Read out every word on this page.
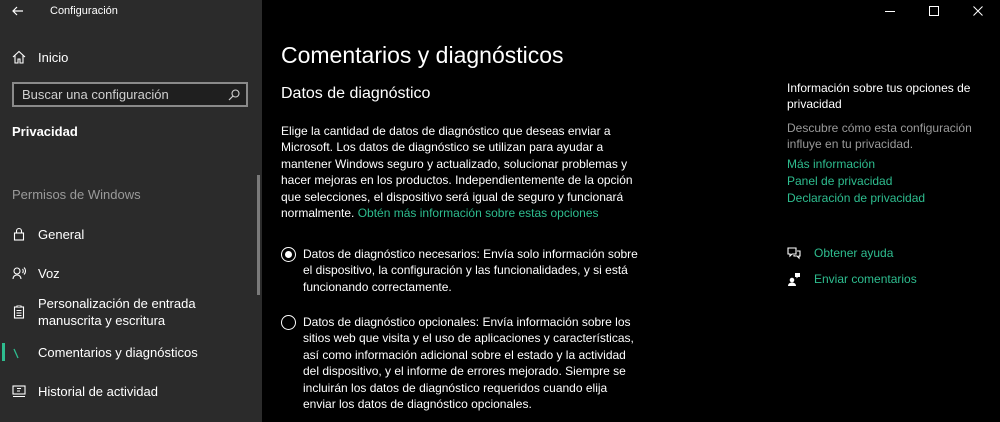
Configuración
Inicio
Buscar una configuración
Privacidad
Permisos de Windows
General
Voz
Personalización de entrada manuscrita y escritura
Comentarios y diagnósticos
Historial de actividad
Comentarios y diagnósticos
Datos de diagnóstico

Elige la cantidad de datos de diagnóstico que deseas enviar a Microsoft. Los datos de diagnóstico se utilizan para ayudar a mantener Windows seguro y actualizado, solucionar problemas y hacer mejoras en los productos. Independientemente de la opción que selecciones, el dispositivo será igual de seguro y funcionará normalmente. Obtén más información sobre estas opciones

Datos de diagnóstico necesarios: Envía solo información sobre el dispositivo, la configuración y las funcionalidades, y si está funcionando correctamente.
Datos de diagnóstico opcionales: Envía información sobre los sitios web que visita y el uso de aplicaciones y características, así como información adicional sobre el estado y la actividad del dispositivo, y el informe de errores mejorado. Siempre se incluirán los datos de diagnóstico requeridos cuando elija enviar los datos de diagnóstico opcionales.
Información sobre tus opciones de privacidad
Descubre cómo esta configuración influye en tu privacidad.
Más información
Panel de privacidad
Declaración de privacidad
Obtener ayuda
Enviar comentarios
